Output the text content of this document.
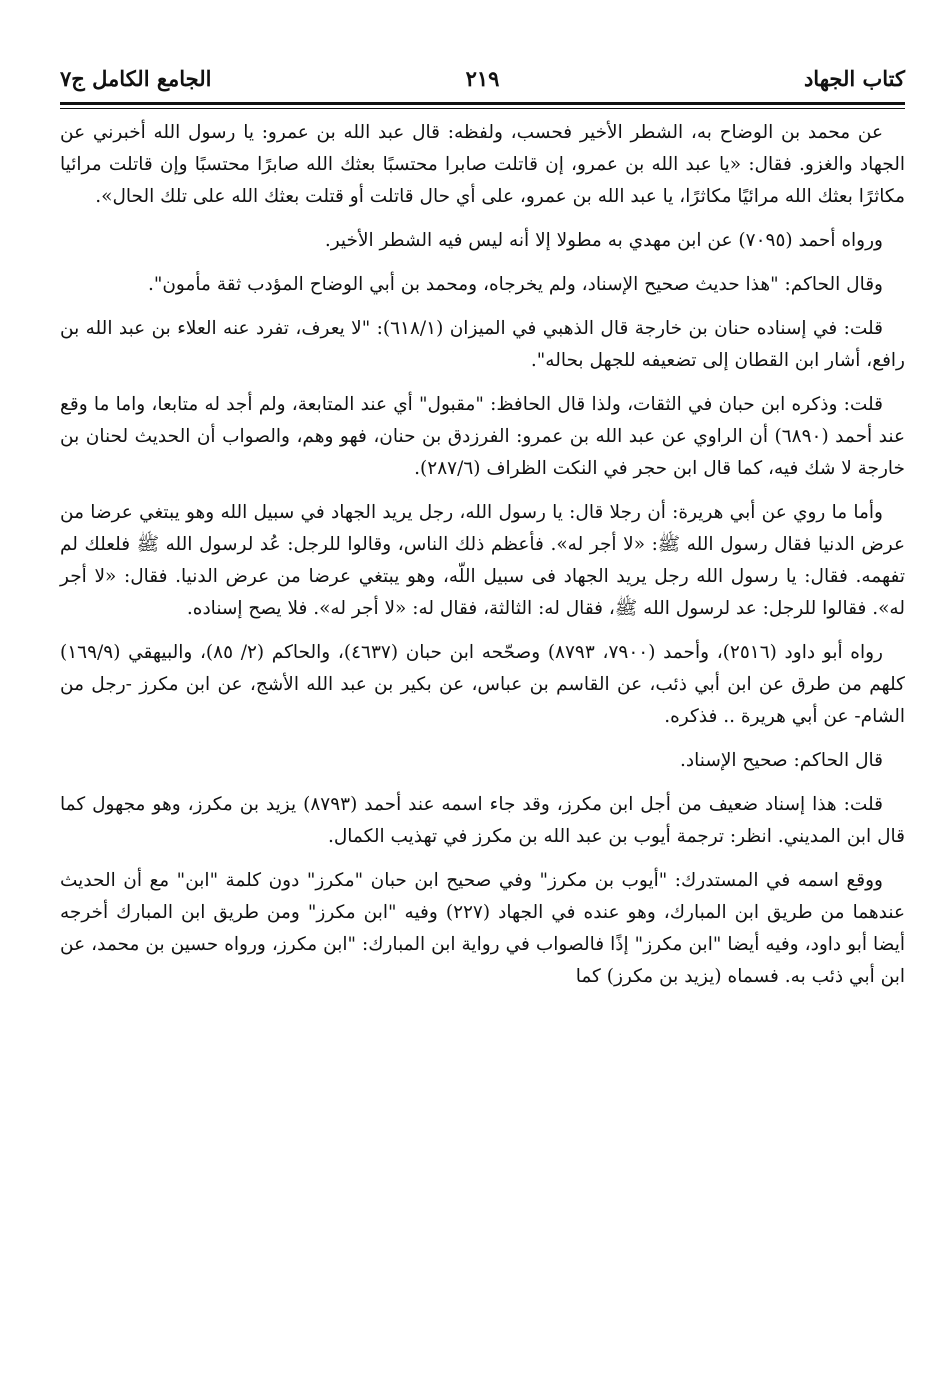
كتاب الجهاد
٢١٩
الجامع الكامل ج٧

عن محمد بن الوضاح به، الشطر الأخير فحسب، ولفظه: قال عبد الله بن عمرو: يا رسول الله أخبرني عن الجهاد والغزو. فقال: «يا عبد الله بن عمرو، إن قاتلت صابرا محتسبًا بعثك الله صابرًا محتسبًا وإن قاتلت مرائيا مكاثرًا بعثك الله مرائيًا مكاثرًا، يا عبد الله بن عمرو، على أي حال قاتلت أو قتلت بعثك الله على تلك الحال».

ورواه أحمد (٧٠٩٥) عن ابن مهدي به مطولا إلا أنه ليس فيه الشطر الأخير.

وقال الحاكم: "هذا حديث صحيح الإسناد، ولم يخرجاه، ومحمد بن أبي الوضاح المؤدب ثقة مأمون".

قلت: في إسناده حنان بن خارجة قال الذهبي في الميزان (٦١٨/١): "لا يعرف، تفرد عنه العلاء بن عبد الله بن رافع، أشار ابن القطان إلى تضعيفه للجهل بحاله".

قلت: وذكره ابن حبان في الثقات، ولذا قال الحافظ: "مقبول" أي عند المتابعة، ولم أجد له متابعا، واما ما وقع عند أحمد (٦٨٩٠) أن الراوي عن عبد الله بن عمرو: الفرزدق بن حنان، فهو وهم، والصواب أن الحديث لحنان بن خارجة لا شك فيه، كما قال ابن حجر في النكت الظراف (٢٨٧/٦).

وأما ما روي عن أبي هريرة: أن رجلا قال: يا رسول الله، رجل يريد الجهاد في سبيل الله وهو يبتغي عرضا من عرض الدنيا فقال رسول الله ﷺ: «لا أجر له». فأعظم ذلك الناس، وقالوا للرجل: عُد لرسول الله ﷺ فلعلك لم تفهمه. فقال: يا رسول الله رجل يريد الجهاد فى سبيل اللّه، وهو يبتغي عرضا من عرض الدنيا. فقال: «لا أجر له». فقالوا للرجل: عد لرسول الله ﷺ، فقال له: الثالثة، فقال له: «لا أجر له». فلا يصح إسناده.

رواه أبو داود (٢٥١٦)، وأحمد (٧٩٠٠، ٨٧٩٣) وصحّحه ابن حبان (٤٦٣٧)، والحاكم (٢/ ٨٥)، والبيهقي (١٦٩/٩) كلهم من طرق عن ابن أبي ذئب، عن القاسم بن عباس، عن بكير بن عبد الله الأشج، عن ابن مكرز -رجل من الشام- عن أبي هريرة .. فذكره.

قال الحاكم: صحيح الإسناد.

قلت: هذا إسناد ضعيف من أجل ابن مكرز، وقد جاء اسمه عند أحمد (٨٧٩٣) يزيد بن مكرز، وهو مجهول كما قال ابن المديني. انظر: ترجمة أيوب بن عبد الله بن مكرز في تهذيب الكمال.

ووقع اسمه في المستدرك: "أيوب بن مكرز" وفي صحيح ابن حبان "مكرز" دون كلمة "ابن" مع أن الحديث عندهما من طريق ابن المبارك، وهو عنده في الجهاد (٢٢٧) وفيه "ابن مكرز" ومن طريق ابن المبارك أخرجه أيضا أبو داود، وفيه أيضا "ابن مكرز" إذًا فالصواب في رواية ابن المبارك: "ابن مكرز، ورواه حسين بن محمد، عن ابن أبي ذئب به. فسماه (يزيد بن مكرز) كما
